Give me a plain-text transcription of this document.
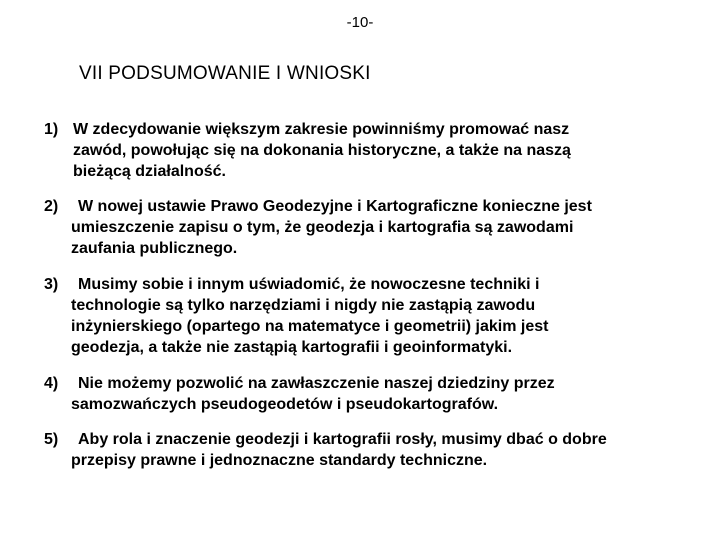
-10-
VII PODSUMOWANIE I WNIOSKI
1) W zdecydowanie większym zakresie powinniśmy promować nasz
zawód, powołując się na dokonania historyczne, a także na naszą
bieżącą działalność.
2) W nowej ustawie Prawo Geodezyjne i Kartograficzne konieczne jest
umieszczenie zapisu o tym, że geodezja i kartografia są zawodami
zaufania publicznego.
3) Musimy sobie i innym uświadomić, że nowoczesne techniki i
technologie są tylko narzędziami i nigdy nie zastąpią zawodu
inżynierskiego (opartego na matematyce i geometrii) jakim jest
geodezja, a także nie zastąpią kartografii i geoinformatyki.
4) Nie możemy pozwolić na zawłaszczenie naszej dziedziny przez
samozwańczych pseudogeodetów i pseudokartografów.
5) Aby rola i znaczenie geodezji i kartografii rosły, musimy dbać o dobre
przepisy prawne i jednoznaczne standardy techniczne.
